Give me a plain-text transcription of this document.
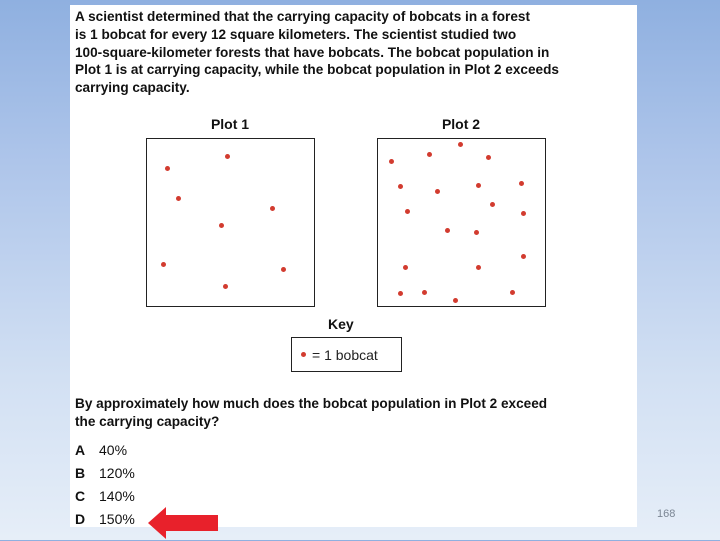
A scientist determined that the carrying capacity of bobcats in a forest
is 1 bobcat for every 12 square kilometers. The scientist studied two
100-square-kilometer forests that have bobcats. The bobcat population in
Plot 1 is at carrying capacity, while the bobcat population in Plot 2 exceeds
carrying capacity.
Plot 1	Plot 2
Key
= 1 bobcat
By approximately how much does the bobcat population in Plot 2 exceed
the carrying capacity?
A 40%
B 120%
C 140%
D 150%	168
